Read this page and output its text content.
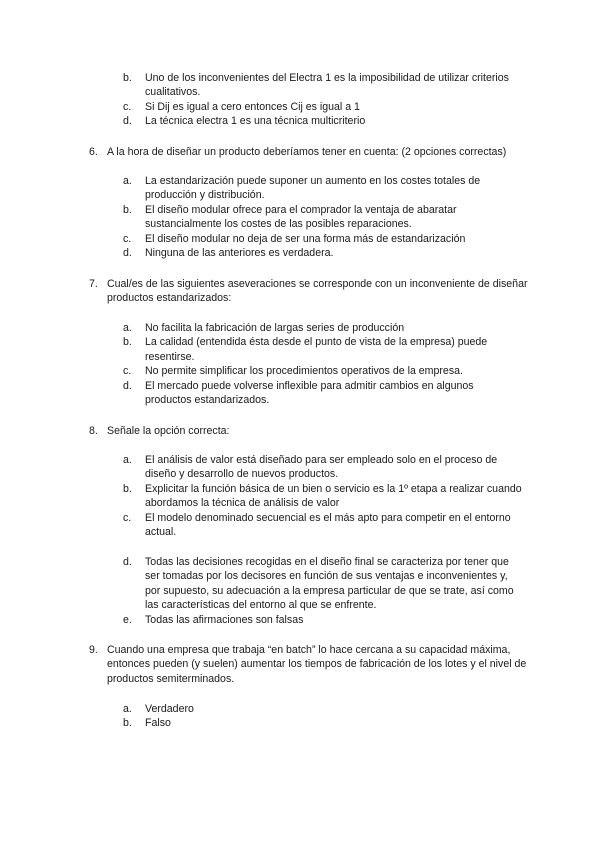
b.	Uno de los inconvenientes del Electra 1 es la imposibilidad de utilizar criterios cualitativos.
c.	Si Dij es igual a cero entonces Cij es igual a 1
d.	La técnica electra 1 es una técnica multicriterio
6. A la hora de diseñar un producto deberíamos tener en cuenta: (2 opciones correctas)
a.	La estandarización puede suponer un aumento en los costes totales de producción y distribución.
b.	El diseño modular ofrece para el comprador la ventaja de abaratar sustancialmente los costes de las posibles reparaciones.
c.	El diseño modular no deja de ser una forma más de estandarización
d.	Ninguna de las anteriores es verdadera.
7. Cual/es de las siguientes aseveraciones se corresponde con un inconveniente de diseñar productos estandarizados:
a.	No facilita la fabricación de largas series de producción
b.	La calidad (entendida ésta desde el punto de vista de la empresa) puede resentirse.
c.	No permite simplificar los procedimientos operativos de la empresa.
d.	El mercado puede volverse inflexible para admitir cambios en algunos productos estandarizados.
8. Señale la opción correcta:
a.	El análisis de valor está diseñado para ser empleado solo en el proceso de diseño y desarrollo de nuevos productos.
b.	Explicitar la función básica de un bien o servicio es la 1º etapa a realizar cuando abordamos la técnica de análisis de valor
c.	El modelo denominado secuencial es el más apto para competir en el entorno actual.
d.	Todas las decisiones recogidas en el diseño final se caracteriza por tener que ser tomadas por los decisores en función de sus ventajas e inconvenientes y, por supuesto, su adecuación a la empresa particular de que se trate, así como las características del entorno al que se enfrente.
e.	Todas las afirmaciones son falsas
9. Cuando una empresa que trabaja “en batch” lo hace cercana a su capacidad máxima, entonces pueden (y suelen) aumentar los tiempos de fabricación de los lotes y el nivel de productos semiterminados.
a.	Verdadero
b.	Falso
